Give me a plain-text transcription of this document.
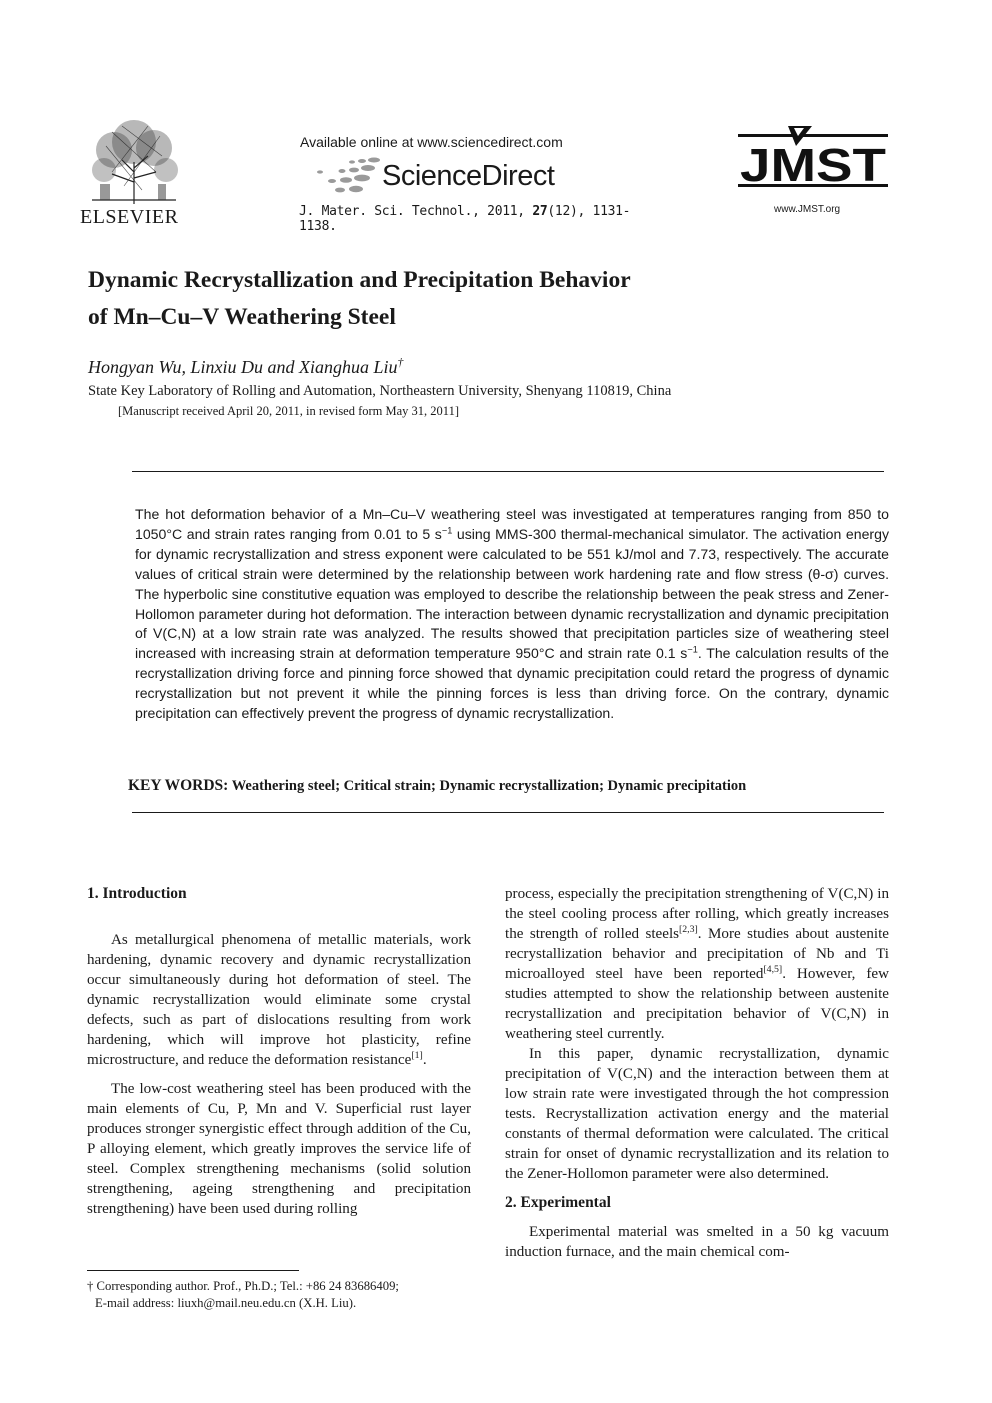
ELSEVIER
Available online at www.sciencedirect.com
ScienceDirect
J. Mater. Sci. Technol., 2011, 27(12), 1131-1138.
JMST
www.JMST.org
Dynamic Recrystallization and Precipitation Behavior
of Mn–Cu–V Weathering Steel
Hongyan Wu, Linxiu Du and Xianghua Liu†
State Key Laboratory of Rolling and Automation, Northeastern University, Shenyang 110819, China
[Manuscript received April 20, 2011, in revised form May 31, 2011]
The hot deformation behavior of a Mn–Cu–V weathering steel was investigated at temperatures ranging from 850 to 1050°C and strain rates ranging from 0.01 to 5 $s^{-1}$ using MMS-300 thermal-mechanical simulator. The activation energy for dynamic recrystallization and stress exponent were calculated to be 551 kJ/mol and 7.73, respectively. The accurate values of critical strain were determined by the relationship between work hardening rate and flow stress (θ-σ) curves. The hyperbolic sine constitutive equation was employed to describe the relationship between the peak stress and Zener-Hollomon parameter during hot deformation. The interaction between dynamic recrystallization and dynamic precipitation of V(C,N) at a low strain rate was analyzed. The results showed that precipitation particles size of weathering steel increased with increasing strain at deformation temperature 950°C and strain rate 0.1 $s^{-1}$. The calculation results of the recrystallization driving force and pinning force showed that dynamic precipitation could retard the progress of dynamic recrystallization but not prevent it while the pinning forces is less than driving force. On the contrary, dynamic precipitation can effectively prevent the progress of dynamic recrystallization.
KEY WORDS: Weathering steel; Critical strain; Dynamic recrystallization; Dynamic precipitation

1. Introduction

As metallurgical phenomena of metallic materials, work hardening, dynamic recovery and dynamic recrystallization occur simultaneously during hot deformation of steel. The dynamic recrystallization would eliminate some crystal defects, such as part of dislocations resulting from work hardening, which will improve hot plasticity, refine microstructure, and reduce the deformation resistance[1].

The low-cost weathering steel has been produced with the main elements of Cu, P, Mn and V. Superficial rust layer produces stronger synergistic effect through addition of the Cu, P alloying element, which greatly improves the service life of steel. Complex strengthening mechanisms (solid solution strengthening, ageing strengthening and precipitation strengthening) have been used during rolling

process, especially the precipitation strengthening of V(C,N) in the steel cooling process after rolling, which greatly increases the strength of rolled steels[2,3]. More studies about austenite recrystallization behavior and precipitation of Nb and Ti microalloyed steel have been reported[4,5]. However, few studies attempted to show the relationship between austenite recrystallization and precipitation behavior of V(C,N) in weathering steel currently.

In this paper, dynamic recrystallization, dynamic precipitation of V(C,N) and the interaction between them at low strain rate were investigated through the hot compression tests. Recrystallization activation energy and the material constants of thermal deformation were calculated. The critical strain for onset of dynamic recrystallization and its relation to the Zener-Hollomon parameter were also determined.

2. Experimental

Experimental material was smelted in a 50 kg vacuum induction furnace, and the main chemical com-

† Corresponding author. Prof., Ph.D.; Tel.: +86 24 83686409;
E-mail address: liuxh@mail.neu.edu.cn (X.H. Liu).
